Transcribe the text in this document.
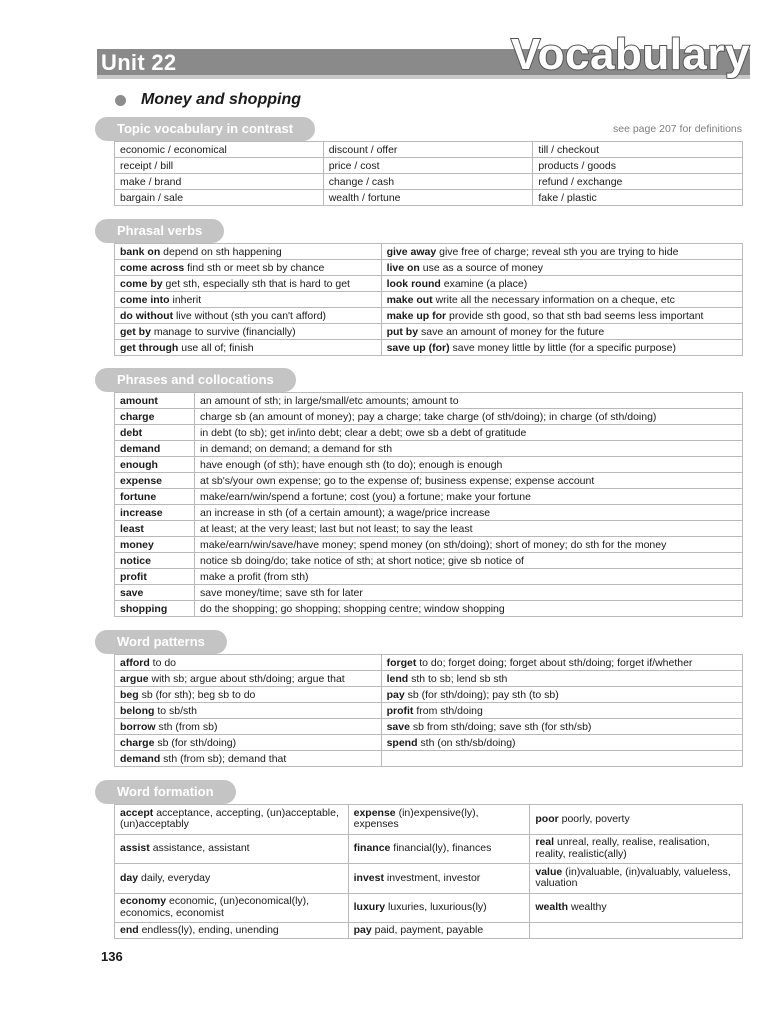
Unit 22	Vocabulary
Money and shopping
Topic vocabulary in contrast	see page 207 for definitions
economic / economical	discount / offer	till / checkout
receipt / bill	price / cost	products / goods
make / brand	change / cash	refund / exchange
bargain / sale	wealth / fortune	fake / plastic
Phrasal verbs
bank on depend on sth happening	give away give free of charge; reveal sth you are trying to hide
come across find sth or meet sb by chance	live on use as a source of money
come by get sth, especially sth that is hard to get	look round examine (a place)
come into inherit	make out write all the necessary information on a cheque, etc
do without live without (sth you can't afford)	make up for provide sth good, so that sth bad seems less important
get by manage to survive (financially)	put by save an amount of money for the future
get through use all of; finish	save up (for) save money little by little (for a specific purpose)
Phrases and collocations
amount	an amount of sth; in large/small/etc amounts; amount to
charge	charge sb (an amount of money); pay a charge; take charge (of sth/doing); in charge (of sth/doing)
debt	in debt (to sb); get in/into debt; clear a debt; owe sb a debt of gratitude
demand	in demand; on demand; a demand for sth
enough	have enough (of sth); have enough sth (to do); enough is enough
expense	at sb's/your own expense; go to the expense of; business expense; expense account
fortune	make/earn/win/spend a fortune; cost (you) a fortune; make your fortune
increase	an increase in sth (of a certain amount); a wage/price increase
least	at least; at the very least; last but not least; to say the least
money	make/earn/win/save/have money; spend money (on sth/doing); short of money; do sth for the money
notice	notice sb doing/do; take notice of sth; at short notice; give sb notice of
profit	make a profit (from sth)
save	save money/time; save sth for later
shopping	do the shopping; go shopping; shopping centre; window shopping
Word patterns
afford to do	forget to do; forget doing; forget about sth/doing; forget if/whether
argue with sb; argue about sth/doing; argue that	lend sth to sb; lend sb sth
beg sb (for sth); beg sb to do	pay sb (for sth/doing); pay sth (to sb)
belong to sb/sth	profit from sth/doing
borrow sth (from sb)	save sb from sth/doing; save sth (for sth/sb)
charge sb (for sth/doing)	spend sth (on sth/sb/doing)
demand sth (from sb); demand that	
Word formation
accept acceptance, accepting, (un)acceptable, (un)acceptably	expense (in)expensive(ly), expenses	poor poorly, poverty
assist assistance, assistant	finance financial(ly), finances	real unreal, really, realise, realisation, reality, realistic(ally)
day daily, everyday	invest investment, investor	value (in)valuable, (in)valuably, valueless, valuation
economy economic, (un)economical(ly), economics, economist	luxury luxuries, luxurious(ly)	wealth wealthy
end endless(ly), ending, unending	pay paid, payment, payable	
136
